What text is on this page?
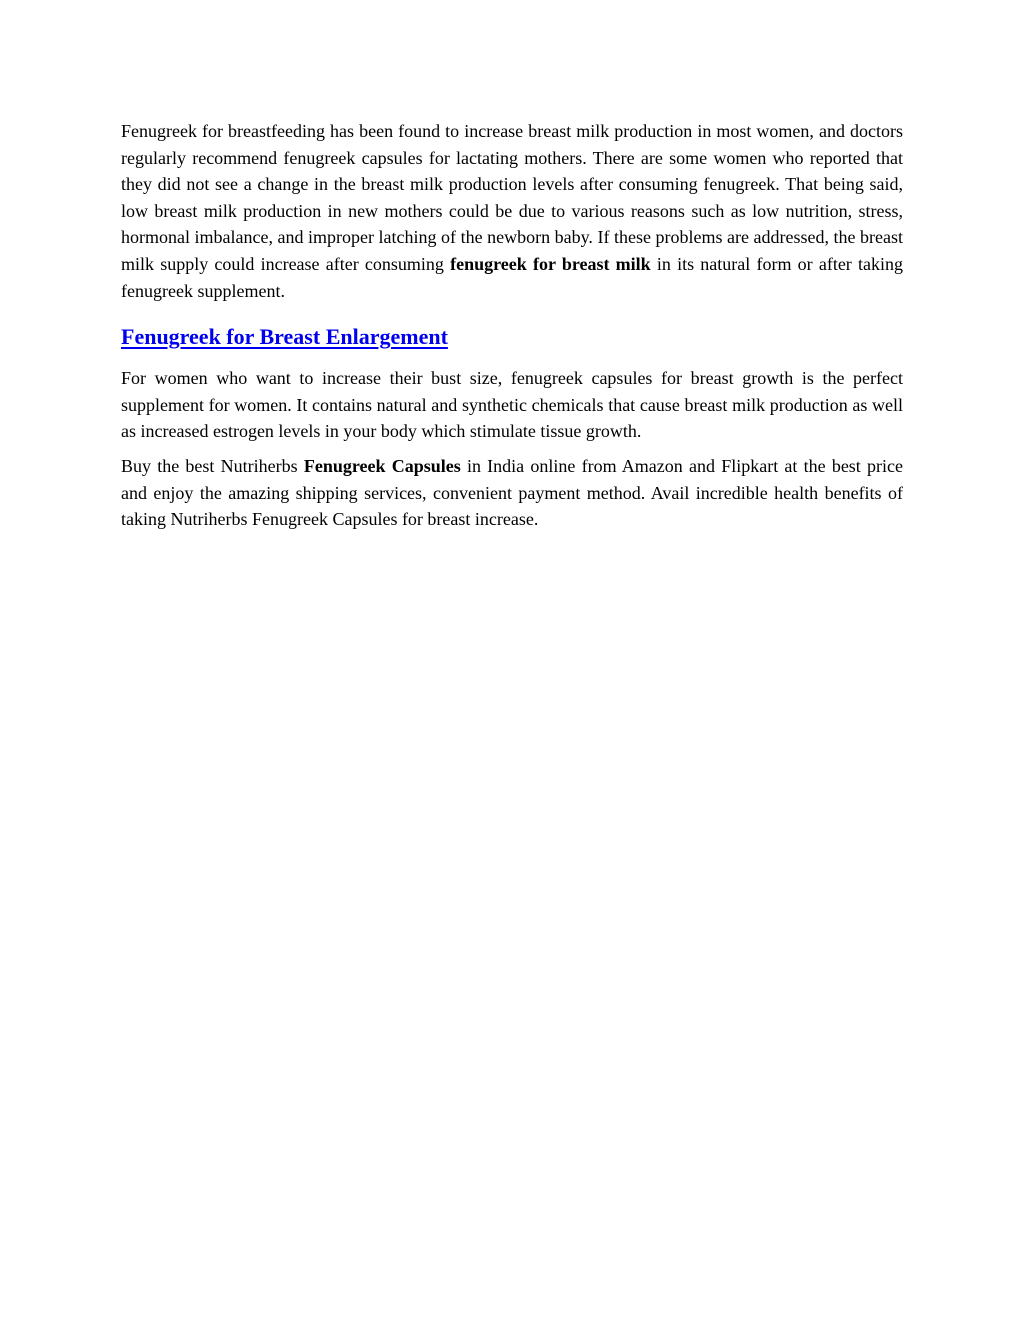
Fenugreek for breastfeeding has been found to increase breast milk production in most women, and doctors regularly recommend fenugreek capsules for lactating mothers. There are some women who reported that they did not see a change in the breast milk production levels after consuming fenugreek. That being said, low breast milk production in new mothers could be due to various reasons such as low nutrition, stress, hormonal imbalance, and improper latching of the newborn baby. If these problems are addressed, the breast milk supply could increase after consuming fenugreek for breast milk in its natural form or after taking fenugreek supplement.

Fenugreek for Breast Enlargement

For women who want to increase their bust size, fenugreek capsules for breast growth is the perfect supplement for women. It contains natural and synthetic chemicals that cause breast milk production as well as increased estrogen levels in your body which stimulate tissue growth.

Buy the best Nutriherbs Fenugreek Capsules in India online from Amazon and Flipkart at the best price and enjoy the amazing shipping services, convenient payment method. Avail incredible health benefits of taking Nutriherbs Fenugreek Capsules for breast increase.
